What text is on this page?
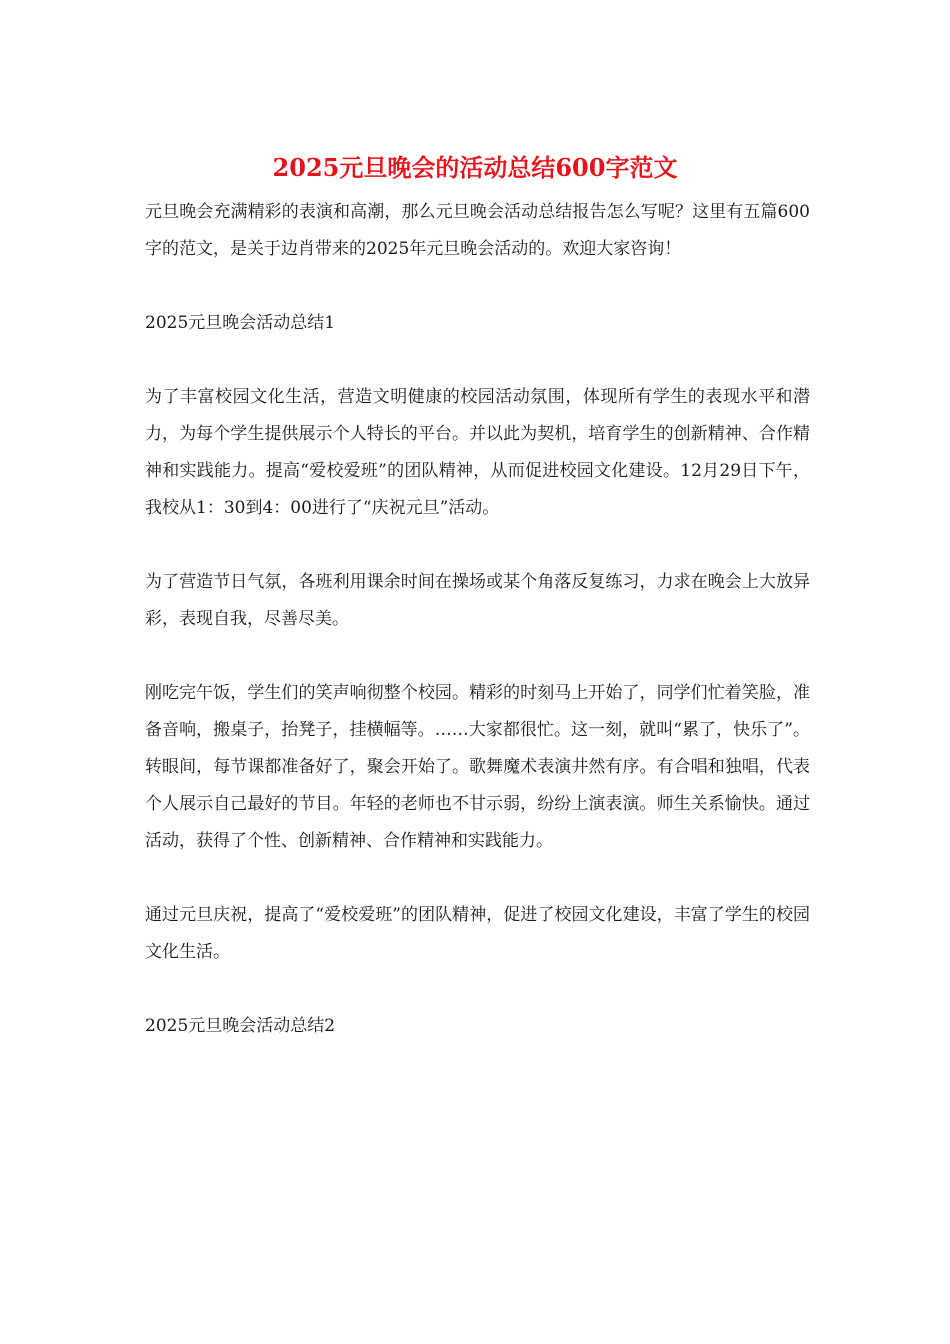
2025元旦晚会的活动总结600字范文

元旦晚会充满精彩的表演和高潮，那么元旦晚会活动总结报告怎么写呢？这里有五篇600字的范文，是关于边肖带来的2025年元旦晚会活动的。欢迎大家咨询！

2025元旦晚会活动总结1

为了丰富校园文化生活，营造文明健康的校园活动氛围，体现所有学生的表现水平和潜力，为每个学生提供展示个人特长的平台。并以此为契机，培育学生的创新精神、合作精神和实践能力。提高“爱校爱班”的团队精神，从而促进校园文化建设。12月29日下午，我校从1：30到4：00进行了“庆祝元旦”活动。

为了营造节日气氛，各班利用课余时间在操场或某个角落反复练习，力求在晚会上大放异彩，表现自我，尽善尽美。

刚吃完午饭，学生们的笑声响彻整个校园。精彩的时刻马上开始了，同学们忙着笑脸，准备音响，搬桌子，抬凳子，挂横幅等。……大家都很忙。这一刻，就叫“累了，快乐了”。转眼间，每节课都准备好了，聚会开始了。歌舞魔术表演井然有序。有合唱和独唱，代表个人展示自己最好的节目。年轻的老师也不甘示弱，纷纷上演表演。师生关系愉快。通过活动，获得了个性、创新精神、合作精神和实践能力。

通过元旦庆祝，提高了“爱校爱班”的团队精神，促进了校园文化建设，丰富了学生的校园文化生活。

2025元旦晚会活动总结2
